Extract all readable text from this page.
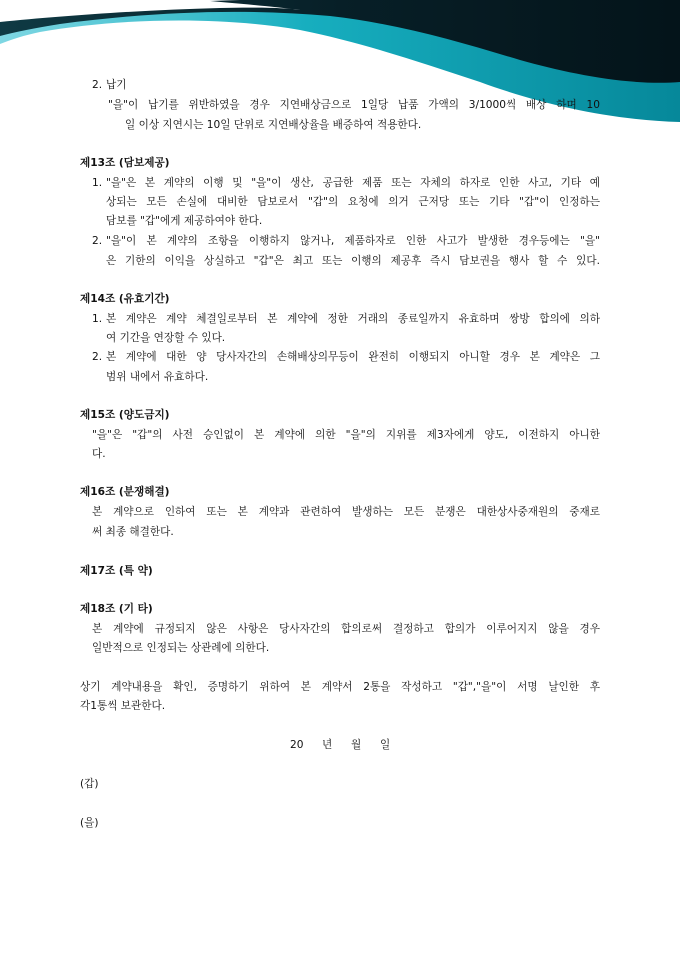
2. 납기
"을"이 납기를 위반하였을 경우 지연배상금으로 1일당 납품 가액의 3/1000씩 배상 하며 10
일 이상 지연시는 10일 단위로 지연배상율을 배증하여 적용한다.
제13조 (담보제공)
1. "을"은 본 계약의 이행 및 "을"이 생산, 공급한 제품 또는 자체의 하자로 인한 사고, 기타 예
상되는 모든 손실에 대비한 담보로서 "갑"의 요청에 의거 근저당 또는 기타 "갑"이 인정하는
담보를 "갑"에게 제공하여야 한다.
2. "을"이 본 계약의 조항을 이행하지 않거나, 제품하자로 인한 사고가 발생한 경우등에는 "을"
은 기한의 이익을 상실하고 "갑"은 최고 또는 이행의 제공후 즉시 담보권을 행사 할 수 있다.
제14조 (유효기간)
1. 본 계약은 계약 체결일로부터 본 계약에 정한 거래의 종료일까지 유효하며 쌍방 합의에 의하
여 기간을 연장할 수 있다.
2. 본 계약에 대한 양 당사자간의 손해배상의무등이 완전히 이행되지 아니할 경우 본 계약은 그
범위 내에서 유효하다.
제15조 (양도금지)
"을"은 "갑"의 사전 승인없이 본 계약에 의한 "을"의 지위를 제3자에게 양도, 이전하지 아니한
다.
제16조 (분쟁해결)
본 계약으로 인하여 또는 본 계약과 관련하여 발생하는 모든 분쟁은 대한상사중재원의 중재로
써 최종 해결한다.
제17조 (특 약)
제18조 (기 타)
본 계약에 규정되지 않은 사항은 당사자간의 합의로써 결정하고 합의가 이루어지지 않을 경우
일반적으로 인정되는 상관례에 의한다.
상기 계약내용을 확인, 증명하기 위하여 본 계약서 2통을 작성하고 "갑","을"이 서명 날인한 후
각1통씩 보관한다.
20 년 월 일
(갑)
(을)
